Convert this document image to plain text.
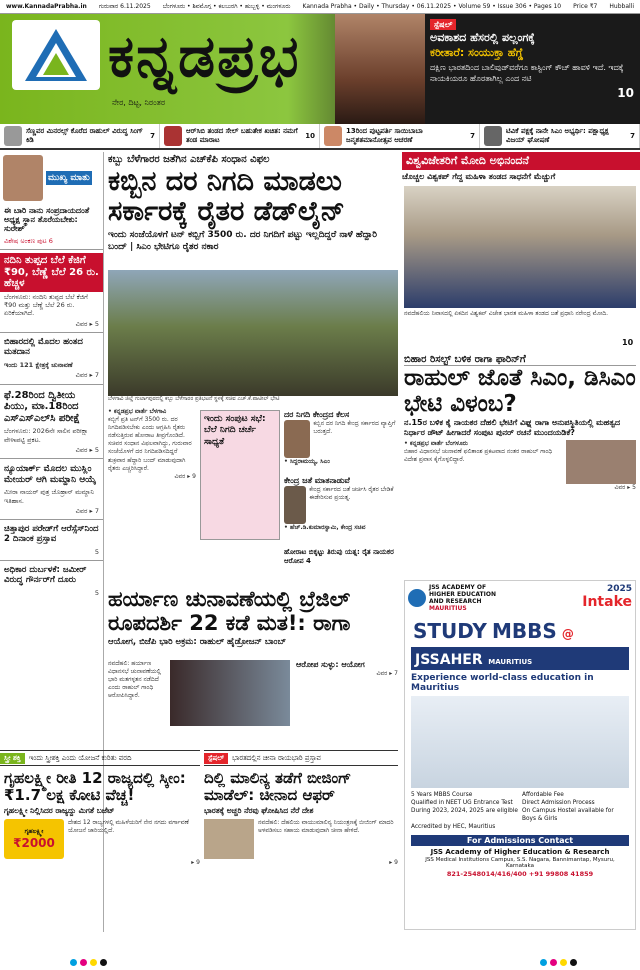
www.KannadaPrabha.in ಗುರುವಾರ 6.11.2025 ಬೆಂಗಳೂರು • ಶಿವಮೊಗ್ಗ • ಕಲಬುರಗಿ • ಹುಬ್ಬಳ್ಳಿ • ಮಂಗಳೂರು Kannada Prabha • Daily • Thursday • 06.11.2025 • Volume 59 • Issue 306 • Pages 10 Price ₹7 Hubballi
ಕನ್ನಡಪ್ರಭ
ನೇರ, ದಿಟ್ಟ, ನಿರಂತರ
ಸ್ಪೆಷಲ್
ಅವಕಾಶದ ಹೆಸರಲ್ಲಿ ಪಲ್ಲಂಗಕ್ಕೆ
ಕರೀತಾರೆ: ಸಂಯುಕ್ತಾ ಹೆಗ್ಡೆ
ದಕ್ಷಿಣ ಭಾರತದಿಂದ ಬಾಲಿವುಡ್‌ವರೆಗೂ ಕಾಸ್ಟಿಂಗ್ ಕೌಚ್ ಹಾವಳಿ ಇದೆ. ಇದಕ್ಕೆ ನಾಯಕಿಯರೂ ಹೊರತಾಗಿಲ್ಲ ಎಂದ ನಟಿ
10
ಸೆಣ್ಣವರ ಮಿನರಲ್ಸ್ ಕೊರೆದ ರಾಹುಲ್ ವಿರುದ್ಧ ಸಿಂಗ್ ಕಿಡಿ	7
ಆರ್‌ಸಿಬಿ ತಂಡದ ಸೇಲ್ ಬಹುತೇಕ ಖಚಿತ: ನಮಗೆ ತಂಡ ಮಾರಾಟ	10
13ರಿಂದ ಪುಟ್ಟಪರ್ತಿ ಸಾಯಿಬಾಬಾ ಜನ್ಮಶತಮಾನೋತ್ಸವ ಆಚರಣೆ	7
ಟಿವಿಕೆ ಪಕ್ಷಕ್ಕೆ ನಾನೇ ಸಿಎಂ ಅಭ್ಯರ್ಥಿ: ಪಕ್ಷಾಧ್ಯಕ್ಷ ವಿಜಯ್ ಘೋಷಣೆ	7
ಮುಖ್ಯ ಮಾತು
ಈ ಬಾರಿ ನಾನು ಸಂಪ್ರದಾಯದಂತೆ ಅಧ್ಯಕ್ಷ ಸ್ಥಾನ ತೊರೆಯಬೇಕು: ಸುರೇಶ್
ವಿಶೇಷ ಅಂಕಣ ಪುಟ 6
ನದಿನಿ ತುಪ್ಪದ ಬೆಲೆ ಕೆಜಿಗೆ ₹90, ಬೆಣ್ಣೆ ಬೆಲೆ 26 ರು. ಹೆಚ್ಚಳ
ಬೆಂಗಳೂರು: ನಂದಿನಿ ತುಪ್ಪದ ಬೆಲೆ ಕೆಜಿಗೆ ₹90 ಮತ್ತು ಬೆಣ್ಣೆ ಬೆಲೆ 26 ರು. ಏರಿಕೆಯಾಗಿದೆ.
ವಿವರ ▸ 5
ಬಿಹಾರದಲ್ಲಿ ಮೊದಲ ಹಂತದ ಮತದಾನ
ಇಂದು 121 ಕ್ಷೇತ್ರಕ್ಕೆ ಚುನಾವಣೆ
ವಿವರ ▸ 7
ಫೆ.28ರಿಂದ ದ್ವಿತೀಯ ಪಿಯು, ಮಾ.18ರಿಂದ ಎಸ್ಎಸ್ಎಲ್‌ಸಿ ಪರೀಕ್ಷೆ
ಬೆಂಗಳೂರು: 2026ನೇ ಸಾಲಿನ ಪರೀಕ್ಷಾ ವೇಳಾಪಟ್ಟಿ ಪ್ರಕಟ.
ವಿವರ ▸ 5
ನ್ಯೂಯಾರ್ಕ್ ಮೊದಲ ಮುಸ್ಲಿಂ ಮೇಯರ್ ಆಗಿ ಮಮ್ದಾನಿ ಆಯ್ಕೆ
ಮೀರಾ ನಾಯರ್ ಪುತ್ರ ಜೊಹ್ರಾನ್ ಮಮ್ದಾನಿ ಇತಿಹಾಸ.
ವಿವರ ▸ 7
ಚಿತ್ತಾಪುರ ಪರೇಡ್‌ಗೆ ಆರೆಸ್ಸೆಸ್‌ನಿಂದ 2 ದಿನಾಂಕ ಪ್ರಸ್ತಾವ
5
ಅಧಿಕಾರ ದುರ್ಬಳಕೆ: ಜಮೀರ್ ವಿರುದ್ಧ ಗೌರ್ನರ್‌ಗೆ ದೂರು
5
ಕಬ್ಬು ಬೆಳೆಗಾರರ ಜತೆಗಿನ ಎಚ್‌ಕೆಪಿ ಸಂಧಾನ ವಿಫಲ
ಕಬ್ಬಿನ ದರ ನಿಗದಿ ಮಾಡಲು ಸರ್ಕಾರಕ್ಕೆ ರೈತರ ಡೆಡ್‌ಲೈನ್
ಇಂದು ಸಂಜೆಯೊಳಗೆ ಟನ್ ಕಬ್ಬಿಗೆ 3500 ರು. ದರ ನಿಗದಿಗೆ ಪಟ್ಟು ಇಲ್ಲದಿದ್ದರೆ ನಾಳೆ ಹೆದ್ದಾರಿ ಬಂದ್ | ಸಿಎಂ ಭೇಟಿಗೂ ರೈತರ ನಕಾರ
ಬೆಳಗಾವಿ ಜಿಲ್ಲೆ ಗುರ್ಲಾಪುರದಲ್ಲಿ ಕಬ್ಬು ಬೆಳೆಗಾರರ ಪ್ರತಿಭಟನೆ ಸ್ಥಳಕ್ಕೆ ಸಚಿವ ಎಚ್.ಕೆ.ಪಾಟೀಲ್ ಭೇಟಿ
• ಕನ್ನಡಪ್ರಭ ವಾರ್ತೆ ಬೆಳಗಾವಿ
ಕಬ್ಬಿಗೆ ಪ್ರತಿ ಟನ್‌ಗೆ 3500 ರು. ದರ ನಿಗದಿಪಡಿಸಬೇಕು ಎಂದು ಆಗ್ರಹಿಸಿ ರೈತರು ನಡೆಸುತ್ತಿರುವ ಹೋರಾಟ ತೀವ್ರಗೊಂಡಿದೆ. ಸಚಿವರ ಸಂಧಾನ ವಿಫಲವಾಗಿದ್ದು, ಗುರುವಾರ ಸಂಜೆಯೊಳಗೆ ದರ ನಿಗದಿಪಡಿಸದಿದ್ದರೆ ಶುಕ್ರವಾರ ಹೆದ್ದಾರಿ ಬಂದ್ ಮಾಡುವುದಾಗಿ ರೈತರು ಎಚ್ಚರಿಸಿದ್ದಾರೆ.
ವಿವರ ▸ 9
ಇಂದು ಸಂಪುಟ ಸಭೆ: ಬೆಲೆ ನಿಗದಿ ಚರ್ಚೆ ಸಾಧ್ಯತೆ
ದರ ನಿಗದಿ ಕೇಂದ್ರದ ಕೆಲಸ
ಕಬ್ಬಿನ ದರ ನಿಗದಿ ಕೇಂದ್ರ ಸರ್ಕಾರದ ವ್ಯಾಪ್ತಿಗೆ ಬರುತ್ತದೆ.
• ಸಿದ್ದರಾಮಯ್ಯ, ಸಿಎಂ
ಕೇಂದ್ರ ಜತೆ ಮಾತನಾಡುವೆ
ಕೇಂದ್ರ ಸರ್ಕಾರದ ಜತೆ ಚರ್ಚಿಸಿ ರೈತರ ಬೇಡಿಕೆ ಈಡೇರಿಸುವ ಪ್ರಯತ್ನ.
• ಹೆಚ್.ಡಿ.ಕುಮಾರಸ್ವಾಮಿ, ಕೇಂದ್ರ ಸಚಿವ
ಹೋರಾಟ ಬಿಕ್ಕಟ್ಟು ತಿರುಪು ಯತ್ನ: ರೈತ ನಾಯಕರ ಆರೋಪ 4
ವಿಶ್ವವಿಜೇತರಿಗೆ ಮೋದಿ ಅಭಿನಂದನೆ
ಚೊಚ್ಚಲ ವಿಶ್ವಕಪ್ ಗೆದ್ದ ಮಹಿಳಾ ತಂಡದ ಸಾಧನೆಗೆ ಮೆಚ್ಚುಗೆ
ನವದೆಹಲಿಯ ನಿವಾಸದಲ್ಲಿ ಏಕದಿನ ವಿಶ್ವಕಪ್ ವಿಜೇತ ಭಾರತ ಮಹಿಳಾ ತಂಡದ ಜತೆ ಪ್ರಧಾನಿ ನರೇಂದ್ರ ಮೋದಿ.
10
ಬಿಹಾರ ರಿಸಲ್ಟ್ ಬಳಿಕ ರಾಗಾ ಫಾರಿನ್‌ಗೆ
ರಾಹುಲ್ ಜೊತೆ ಸಿಎಂ, ಡಿಸಿಎಂ ಭೇಟಿ ವಿಳಂಬ?
ನ.15ರ ಬಳಿಕ ಕೈ ನಾಯಕರ ದೆಹಲಿ ಭೇಟಿಗೆ ವಿಘ್ನ ರಾಗಾ ಅನುಪಸ್ಥಿತಿಯಲ್ಲಿ ಮಹತ್ವದ ನಿರ್ಧಾರ ಡೌಟ್ ಹೀಗಾದರೆ ಸಂಪುಟ ಪುನರ್ ರಚನೆ ಮುಂದಯಡಿಕೆ?
• ಕನ್ನಡಪ್ರಭ ವಾರ್ತೆ ಬೆಂಗಳೂರು
ಬಿಹಾರ ವಿಧಾನಸಭೆ ಚುನಾವಣೆ ಫಲಿತಾಂಶ ಪ್ರಕಟವಾದ ನಂತರ ರಾಹುಲ್ ಗಾಂಧಿ ವಿದೇಶ ಪ್ರವಾಸ ಕೈಗೊಳ್ಳಲಿದ್ದಾರೆ.
ವಿವರ ▸ 5
ಹರ್ಯಾಣ ಚುನಾವಣೆಯಲ್ಲಿ ಬ್ರೆಜಿಲ್ ರೂಪದರ್ಶಿ 22 ಕಡೆ ಮತ!: ರಾಗಾ
ಆಯೋಗ, ಬಿಜೆಪಿ ಭಾರಿ ಅಕ್ರಮ: ರಾಹುಲ್ ಹೈಡ್ರೋಜನ್ ಬಾಂಬ್
ನವದೆಹಲಿ: ಹರ್ಯಾಣ ವಿಧಾನಸಭೆ ಚುನಾವಣೆಯಲ್ಲಿ ಭಾರಿ ಮತಗಳ್ಳತನ ನಡೆದಿದೆ ಎಂದು ರಾಹುಲ್ ಗಾಂಧಿ ಆರೋಪಿಸಿದ್ದಾರೆ.
ಆರೋಪ ಸುಳ್ಳು: ಆಯೋಗ
ವಿವರ ▸ 7
ಸ್ತ್ರೀ ಶಕ್ತಿ	ಇಂದು ಸ್ತ್ರೀಶಕ್ತಿ ಎಂದು ಯೋಜನೆ ಕುರಿತು ವರದಿ	ಸ್ಪೆಷಲ್	ಭಾರತದಲ್ಲಿನ ಚೀನಾ ರಾಯಭಾರಿ ಪ್ರಸ್ತಾವ
ಗೃಹಲಕ್ಷ್ಮೀ ರೀತಿ 12 ರಾಜ್ಯದಲ್ಲಿ ಸ್ಕೀಂ: ₹1.7 ಲಕ್ಷ ಕೋಟಿ ವೆಚ್ಚ!
ಗೃಹಲಕ್ಷ್ಮೀ ನಿಲ್ಲಿಸಿದರ ರಾಜ್ಯದ್ದು ಮಿಗತೆ ಬಜೆಟ್
ಗೃಹಲಕ್ಷ್ಮೀ
₹2000
ದೇಶದ 12 ರಾಜ್ಯಗಳಲ್ಲಿ ಮಹಿಳೆಯರಿಗೆ ನೇರ ನಗದು ವರ್ಗಾವಣೆ ಯೋಜನೆ ಜಾರಿಯಲ್ಲಿದೆ.
▸ 9
ದಿಲ್ಲಿ ಮಾಲಿನ್ಯ ತಡೆಗೆ ಬೀಜಿಂಗ್ ಮಾಡೆಲ್: ಚೀನಾದ ಆಫರ್
ಭಾರತಕ್ಕೆ ಅಚ್ಚರಿ ನೆರವು ಘೋಷಿಸಿದ ನೆರೆ ದೇಶ
ನವದೆಹಲಿ: ದೆಹಲಿಯ ವಾಯುಮಾಲಿನ್ಯ ನಿಯಂತ್ರಣಕ್ಕೆ ಬೀಜಿಂಗ್ ಮಾದರಿ ಅಳವಡಿಸಲು ಸಹಾಯ ಮಾಡುವುದಾಗಿ ಚೀನಾ ಹೇಳಿದೆ.
▸ 9
JSS ACADEMY OF HIGHER EDUCATION AND RESEARCH
MAURITIUS
2025
Intake
STUDY MBBS @
JSSAHER MAURITIUS
Experience world-class education in Mauritius
5 Years MBBS Course	Affordable Fee
Qualified in NEET UG Entrance Test	Direct Admission Process
During 2023, 2024, 2025 are eligible On Campus Hostel available for Boys & Girls
Accredited by HEC, Mauritius
For Admissions Contact
JSS Academy of Higher Education & Research
JSS Medical Institutions Campus, S.S. Nagara, Bannimantap, Mysuru, Karnataka
821-2548014/416/400 +91 99808 41859
